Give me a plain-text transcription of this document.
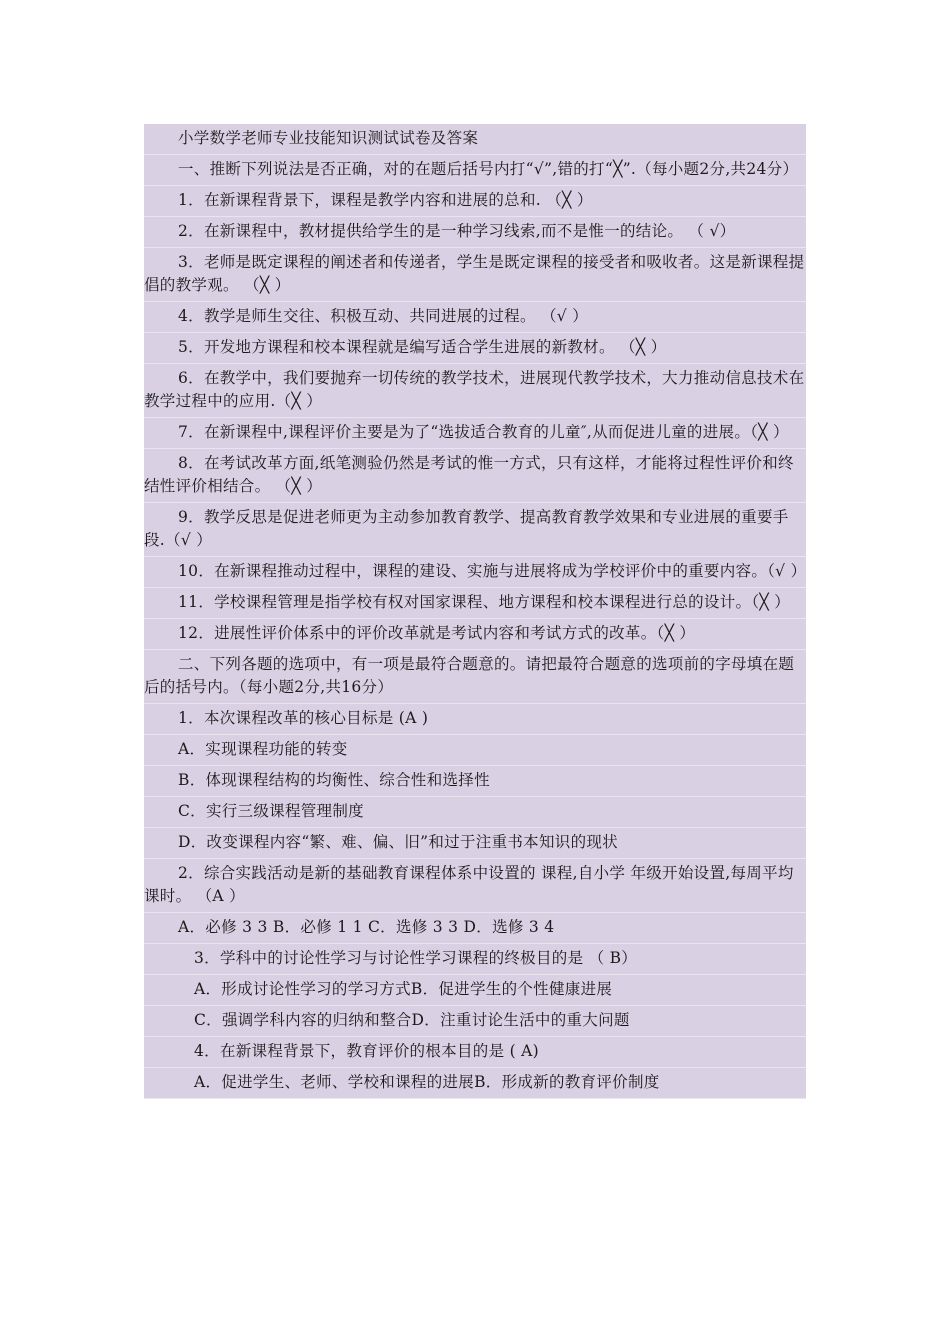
小学数学老师专业技能知识测试试卷及答案
一、推断下列说法是否正确，对的在题后括号内打“√”,错的打“╳”.（每小题2分,共24分）
1．在新课程背景下，课程是教学内容和进展的总和. （╳ ）
2．在新课程中，教材提供给学生的是一种学习线索,而不是惟一的结论。 （ √）
3．老师是既定课程的阐述者和传递者，学生是既定课程的接受者和吸收者。这是新课程提倡的教学观。 （╳ ）
4．教学是师生交往、积极互动、共同进展的过程。 （√ ）
5．开发地方课程和校本课程就是编写适合学生进展的新教材。 （╳ ）
6．在教学中，我们要抛弃一切传统的教学技术，进展现代教学技术，大力推动信息技术在教学过程中的应用.（╳ ）
7．在新课程中,课程评价主要是为了“选拔适合教育的儿童″,从而促进儿童的进展。（╳ ）
8．在考试改革方面,纸笔测验仍然是考试的惟一方式，只有这样，才能将过程性评价和终结性评价相结合。 （╳ ）
9．教学反思是促进老师更为主动参加教育教学、提高教育教学效果和专业进展的重要手段.（√ ）
10．在新课程推动过程中，课程的建设、实施与进展将成为学校评价中的重要内容。（√ ）
11．学校课程管理是指学校有权对国家课程、地方课程和校本课程进行总的设计。（╳ ）
12．进展性评价体系中的评价改革就是考试内容和考试方式的改革。（╳ ）
二、下列各题的选项中，有一项是最符合题意的。请把最符合题意的选项前的字母填在题后的括号内。（每小题2分,共16分）
1．本次课程改革的核心目标是 (A )
A．实现课程功能的转变
B．体现课程结构的均衡性、综合性和选择性
C．实行三级课程管理制度
D．改变课程内容“繁、难、偏、旧”和过于注重书本知识的现状
2．综合实践活动是新的基础教育课程体系中设置的 课程,自小学 年级开始设置,每周平均 课时。 （A ）
A．必修 3 3 B．必修 1 1 C．选修 3 3 D．选修 3 4
3．学科中的讨论性学习与讨论性学习课程的终极目的是 （ B）
A．形成讨论性学习的学习方式B．促进学生的个性健康进展
C．强调学科内容的归纳和整合D．注重讨论生活中的重大问题
4．在新课程背景下，教育评价的根本目的是 ( A)
A．促进学生、老师、学校和课程的进展B．形成新的教育评价制度
